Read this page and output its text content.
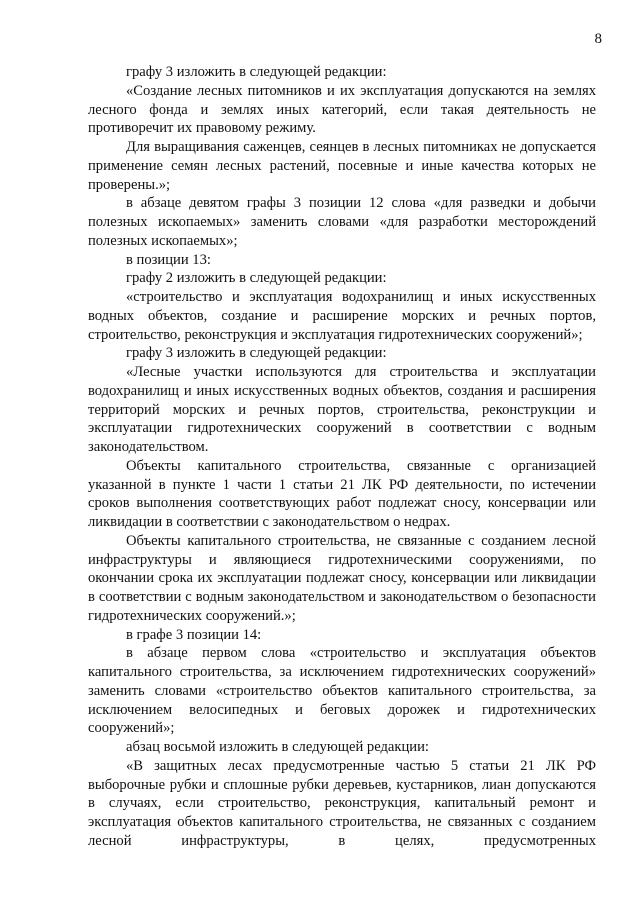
8

графу 3 изложить в следующей редакции:

«Создание лесных питомников и их эксплуатация допускаются на землях лесного фонда и землях иных категорий, если такая деятельность не противоречит их правовому режиму.

Для выращивания саженцев, сеянцев в лесных питомниках не допускается применение семян лесных растений, посевные и иные качества которых не проверены.»;

в абзаце девятом графы 3 позиции 12 слова «для разведки и добычи полезных ископаемых» заменить словами «для разработки месторождений полезных ископаемых»;

в позиции 13:

графу 2 изложить в следующей редакции:

«строительство и эксплуатация водохранилищ и иных искусственных водных объектов, создание и расширение морских и речных портов, строительство, реконструкция и эксплуатация гидротехнических сооружений»;

графу 3 изложить в следующей редакции:

«Лесные участки используются для строительства и эксплуатации водохранилищ и иных искусственных водных объектов, создания и расширения территорий морских и речных портов, строительства, реконструкции и эксплуатации гидротехнических сооружений в соответствии с водным законодательством.

Объекты капитального строительства, связанные с организацией указанной в пункте 1 части 1 статьи 21 ЛК РФ деятельности, по истечении сроков выполнения соответствующих работ подлежат сносу, консервации или ликвидации в соответствии с законодательством о недрах.

Объекты капитального строительства, не связанные с созданием лесной инфраструктуры и являющиеся гидротехническими сооружениями, по окончании срока их эксплуатации подлежат сносу, консервации или ликвидации в соответствии с водным законодательством и законодательством о безопасности гидротехнических сооружений.»;

в графе 3 позиции 14:

в абзаце первом слова «строительство и эксплуатация объектов капитального строительства, за исключением гидротехнических сооружений» заменить словами «строительство объектов капитального строительства, за исключением велосипедных и беговых дорожек и гидротехнических сооружений»;

абзац восьмой изложить в следующей редакции:

«В защитных лесах предусмотренные частью 5 статьи 21 ЛК РФ выборочные рубки и сплошные рубки деревьев, кустарников, лиан допускаются в случаях, если строительство, реконструкция, капитальный ремонт и эксплуатация объектов капитального строительства, не связанных с созданием лесной инфраструктуры, в целях, предусмотренных
